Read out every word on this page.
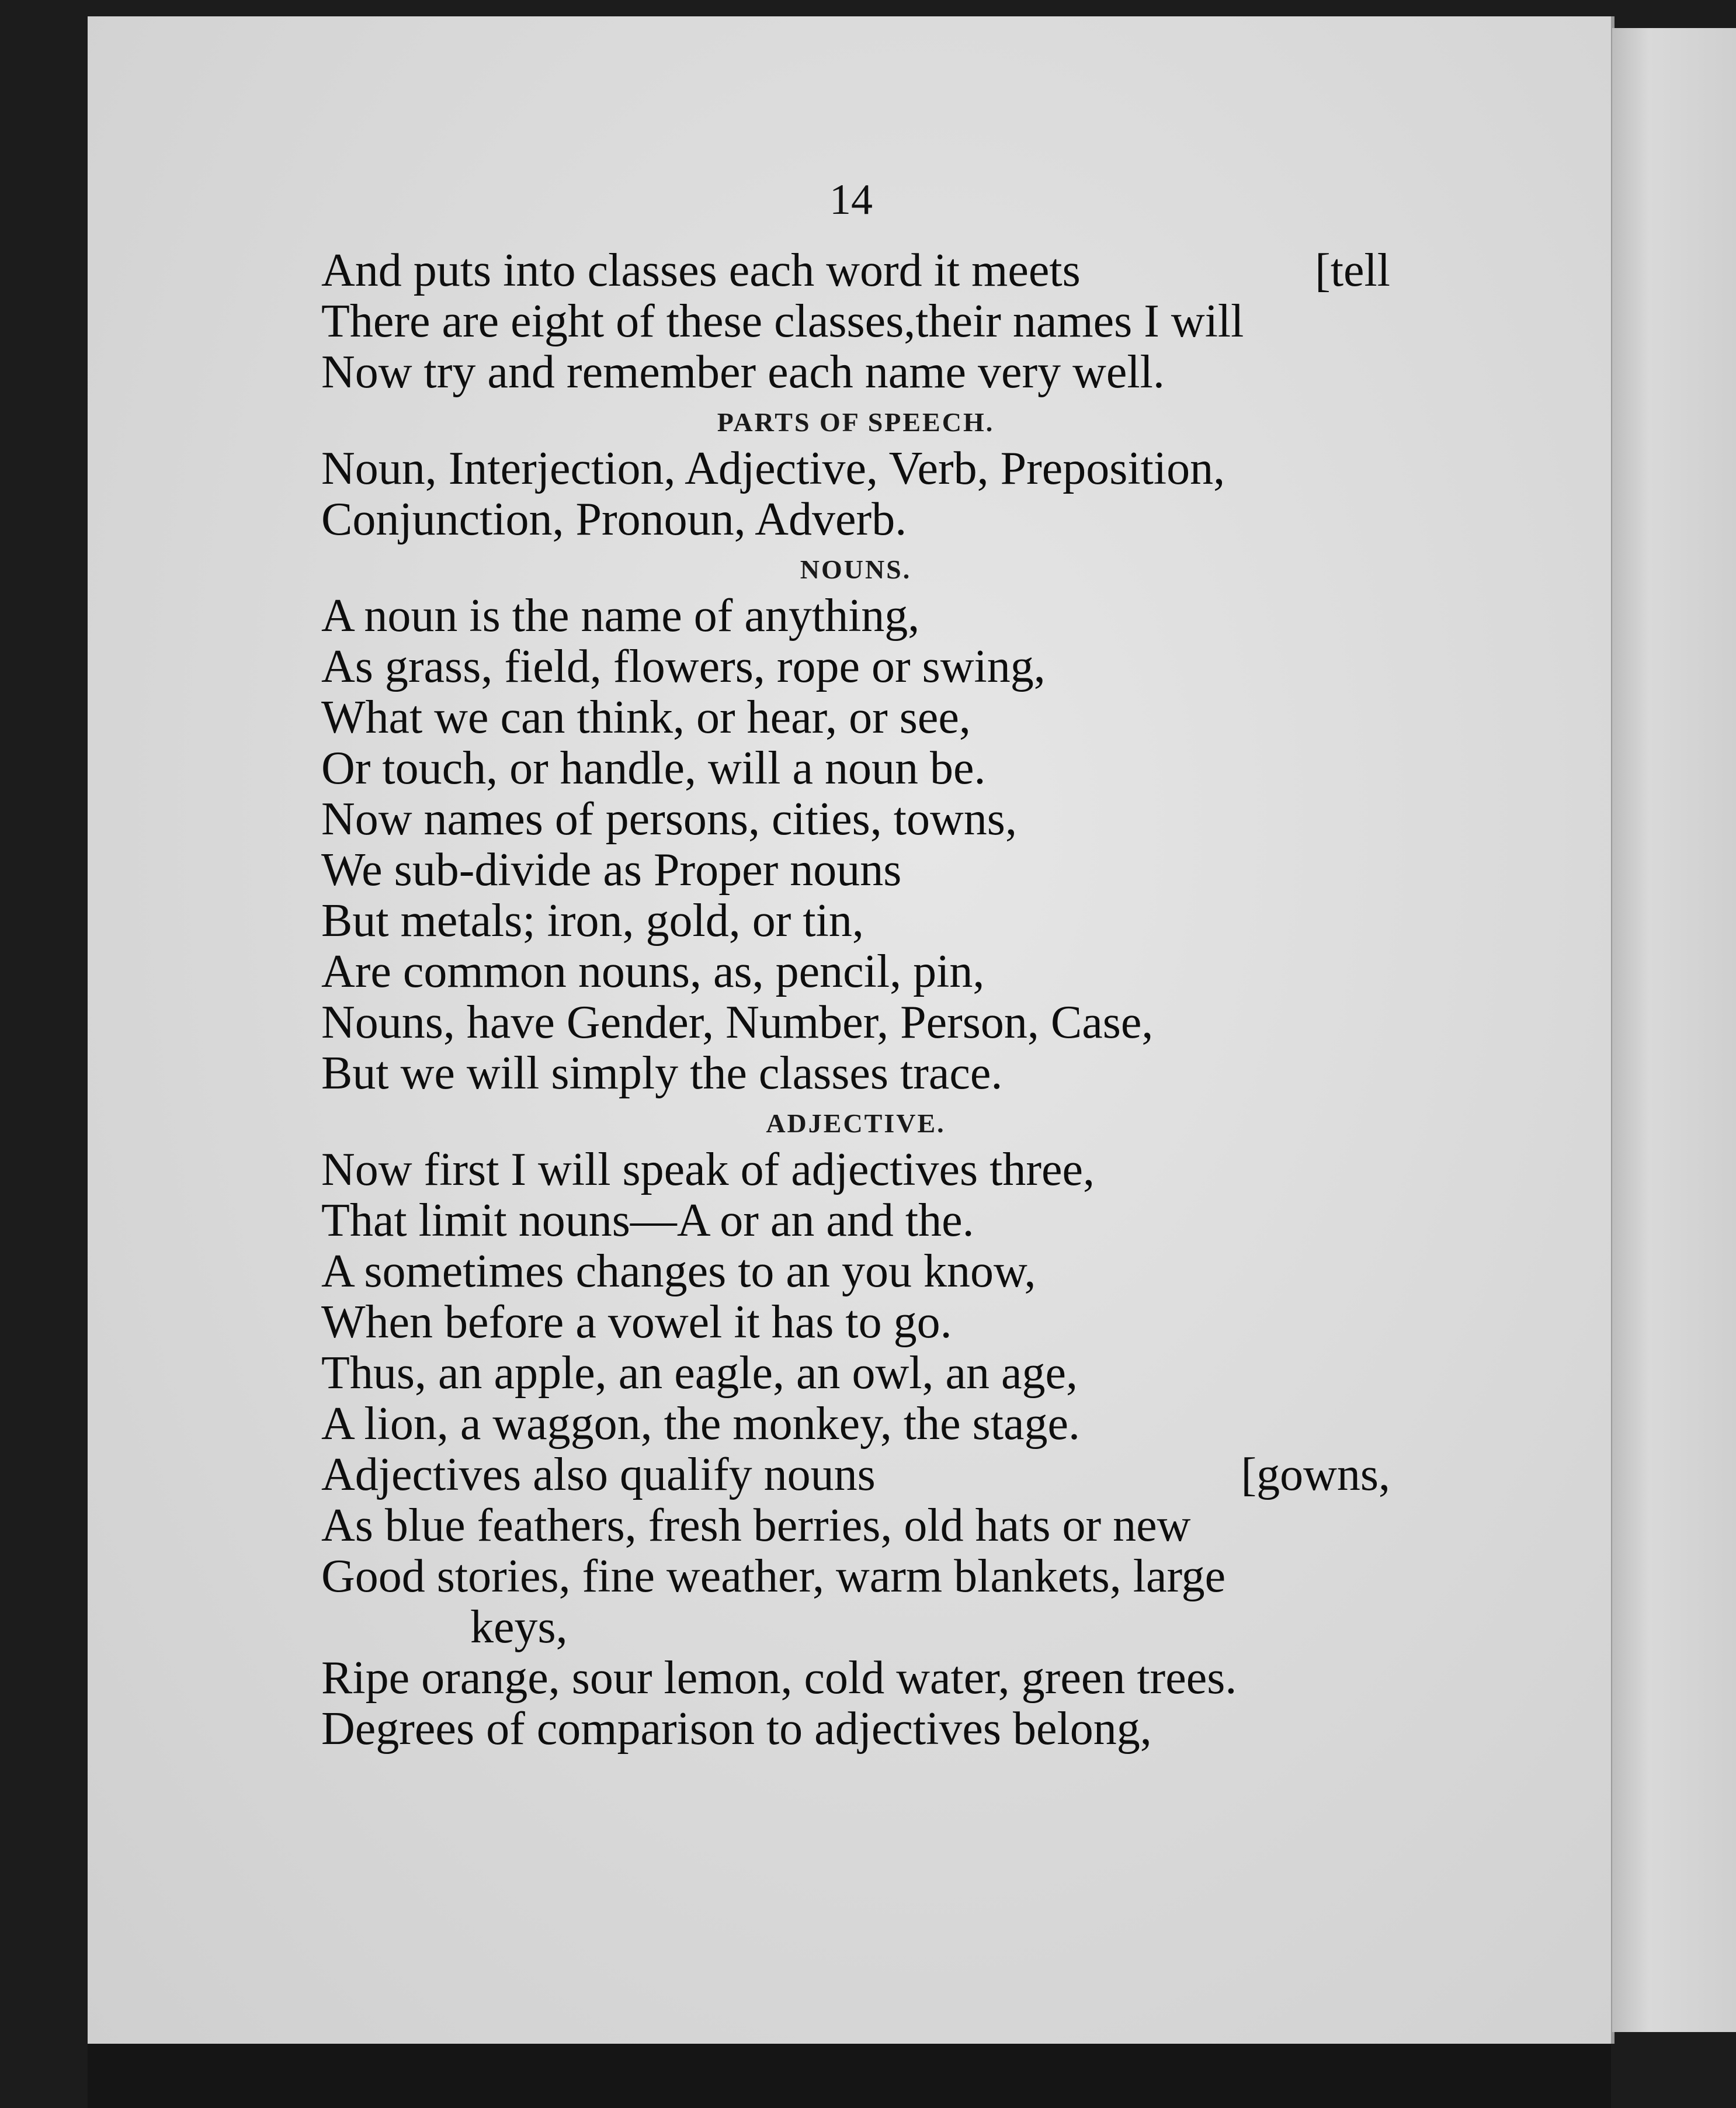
14
And puts into classes each word it meets	[tell
There are eight of these classes,their names I will
Now try and remember each name very well.
PARTS OF SPEECH.
Noun, Interjection, Adjective, Verb, Preposition,
Conjunction, Pronoun, Adverb.
NOUNS.
A noun is the name of anything,
As grass, field, flowers, rope or swing,
What we can think, or hear, or see,
Or touch, or handle, will a noun be.
Now names of persons, cities, towns,
We sub-divide as Proper nouns
But metals; iron, gold, or tin,
Are common nouns, as, pencil, pin,
Nouns, have Gender, Number, Person, Case,
But we will simply the classes trace.
ADJECTIVE.
Now first I will speak of adjectives three,
That limit nouns—A or an and the.
A sometimes changes to an you know,
When before a vowel it has to go.
Thus, an apple, an eagle, an owl, an age,
A lion, a waggon, the monkey, the stage.
Adjectives also qualify nouns	[gowns,
As blue feathers, fresh berries, old hats or new
Good stories, fine weather, warm blankets, large
keys,
Ripe orange, sour lemon, cold water, green trees.
Degrees of comparison to adjectives belong,
